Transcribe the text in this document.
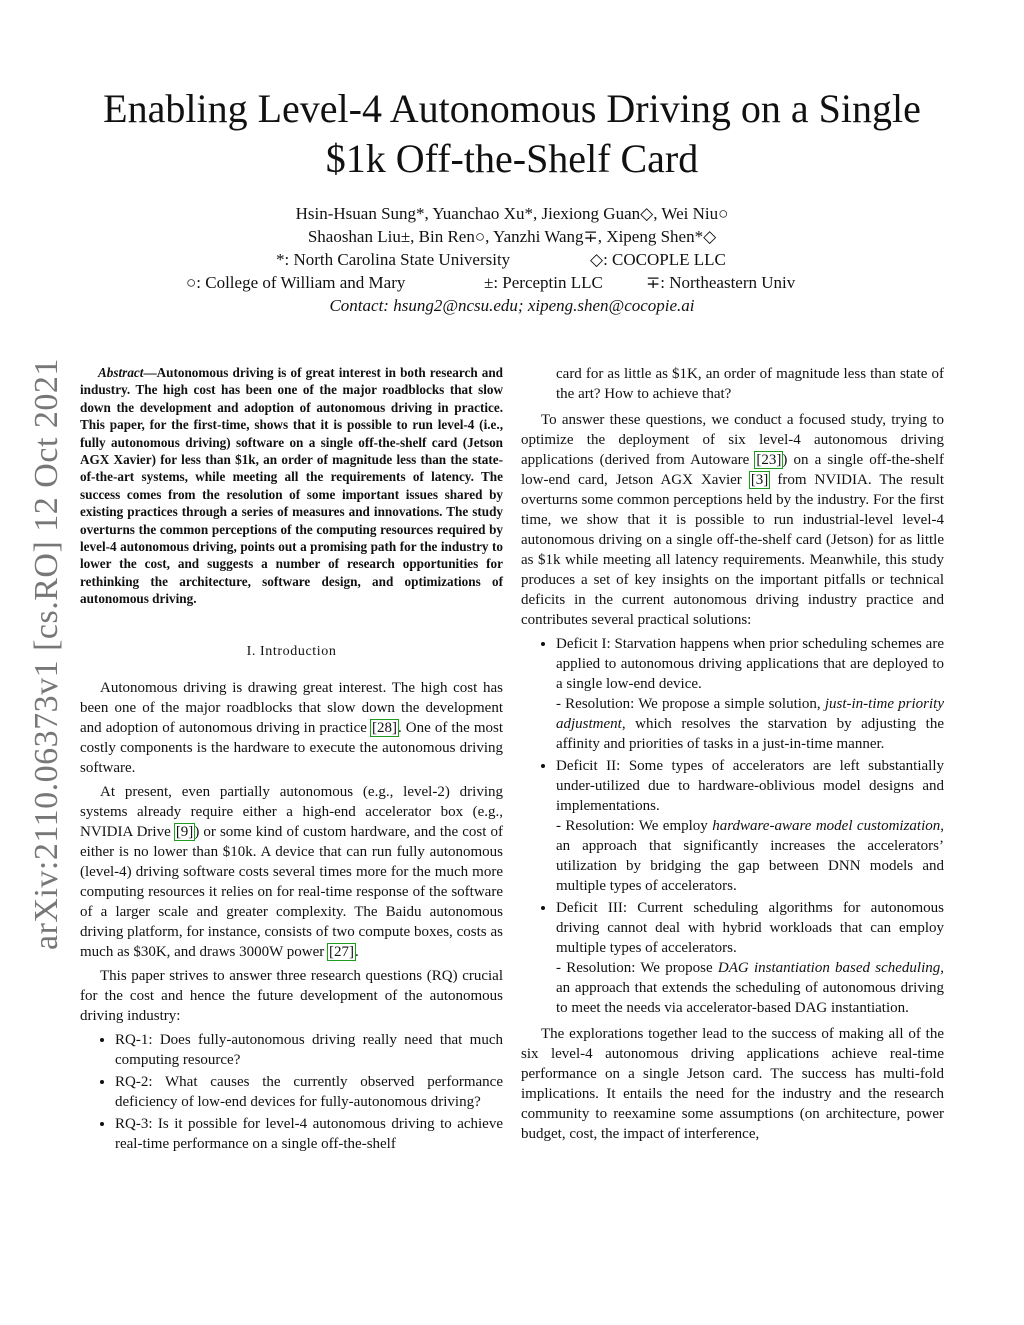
Enabling Level-4 Autonomous Driving on a Single
$1k Off-the-Shelf Card
Hsin-Hsuan Sung*, Yuanchao Xu*, Jiexiong Guan◇, Wei Niu○
Shaoshan Liu±, Bin Ren○, Yanzhi Wang∓, Xipeng Shen*◇
*: North Carolina State University	◇: COCOPLE LLC
○: College of William and Mary	±: Perceptin LLC	∓: Northeastern Univ
Contact: hsung2@ncsu.edu; xipeng.shen@cocopie.ai
arXiv:2110.06373v1 [cs.RO] 12 Oct 2021	Abstract—Autonomous driving is of great interest in both research and industry. The high cost has been one of the major roadblocks that slow down the development and adoption of autonomous driving in practice. This paper, for the first-time, shows that it is possible to run level-4 (i.e., fully autonomous driving) software on a single off-the-shelf card (Jetson AGX Xavier) for less than $1k, an order of magnitude less than the state-of-the-art systems, while meeting all the requirements of latency. The success comes from the resolution of some important issues shared by existing practices through a series of measures and innovations. The study overturns the common perceptions of the computing resources required by level-4 autonomous driving, points out a promising path for the industry to lower the cost, and suggests a number of research opportunities for rethinking the architecture, software design, and optimizations of autonomous driving.

I. Introduction

Autonomous driving is drawing great interest. The high cost has been one of the major roadblocks that slow down the development and adoption of autonomous driving in practice [28]. One of the most costly components is the hardware to execute the autonomous driving software.

At present, even partially autonomous (e.g., level-2) driving systems already require either a high-end accelerator box (e.g., NVIDIA Drive [9]) or some kind of custom hardware, and the cost of either is no lower than $10k. A device that can run fully autonomous (level-4) driving software costs several times more for the much more computing resources it relies on for real-time response of the software of a larger scale and greater complexity. The Baidu autonomous driving platform, for instance, consists of two compute boxes, costs as much as $30K, and draws 3000W power [27].

This paper strives to answer three research questions (RQ) crucial for the cost and hence the future development of the autonomous driving industry:

• RQ-1: Does fully-autonomous driving really need that much computing resource?
• RQ-2: What causes the currently observed performance deficiency of low-end devices for fully-autonomous driving?
• RQ-3: Is it possible for level-4 autonomous driving to achieve real-time performance on a single off-the-shelf

card for as little as $1K, an order of magnitude less than state of the art? How to achieve that?

To answer these questions, we conduct a focused study, trying to optimize the deployment of six level-4 autonomous driving applications (derived from Autoware [23]) on a single off-the-shelf low-end card, Jetson AGX Xavier [3] from NVIDIA. The result overturns some common perceptions held by the industry. For the first time, we show that it is possible to run industrial-level level-4 autonomous driving on a single off-the-shelf card (Jetson) for as little as $1k while meeting all latency requirements. Meanwhile, this study produces a set of key insights on the important pitfalls or technical deficits in the current autonomous driving industry practice and contributes several practical solutions:

• Deficit I: Starvation happens when prior scheduling schemes are applied to autonomous driving applications that are deployed to a single low-end device.
- Resolution: We propose a simple solution, just-in-time priority adjustment, which resolves the starvation by adjusting the affinity and priorities of tasks in a just-in-time manner.
• Deficit II: Some types of accelerators are left substantially under-utilized due to hardware-oblivious model designs and implementations.
- Resolution: We employ hardware-aware model customization, an approach that significantly increases the accelerators’ utilization by bridging the gap between DNN models and multiple types of accelerators.
• Deficit III: Current scheduling algorithms for autonomous driving cannot deal with hybrid workloads that can employ multiple types of accelerators.
- Resolution: We propose DAG instantiation based scheduling, an approach that extends the scheduling of autonomous driving to meet the needs via accelerator-based DAG instantiation.

The explorations together lead to the success of making all of the six level-4 autonomous driving applications achieve real-time performance on a single Jetson card. The success has multi-fold implications. It entails the need for the industry and the research community to reexamine some assumptions (on architecture, power budget, cost, the impact of interference,
